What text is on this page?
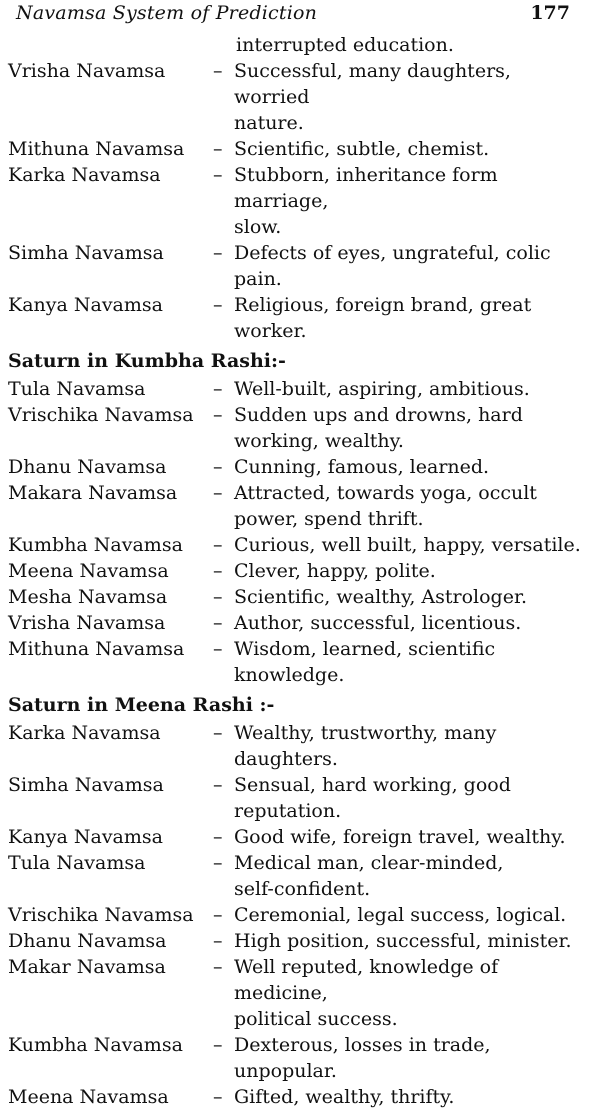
Navamsa System of Prediction	177
interrupted education.
Vrisha Navamsa	– Successful, many daughters, worried
nature.
Mithuna Navamsa	– Scientific, subtle, chemist.
Karka Navamsa	– Stubborn, inheritance form marriage,
slow.
Simha Navamsa	– Defects of eyes, ungrateful, colic
pain.
Kanya Navamsa	– Religious, foreign brand, great
worker.
Saturn in Kumbha Rashi:-
Tula Navamsa	– Well-built, aspiring, ambitious.
Vrischika Navamsa	– Sudden ups and drowns, hard
working, wealthy.
Dhanu Navamsa	– Cunning, famous, learned.
Makara Navamsa	– Attracted, towards yoga, occult
power, spend thrift.
Kumbha Navamsa	– Curious, well built, happy, versatile.
Meena Navamsa	– Clever, happy, polite.
Mesha Navamsa	– Scientific, wealthy, Astrologer.
Vrisha Navamsa	– Author, successful, licentious.
Mithuna Navamsa	– Wisdom, learned, scientific
knowledge.
Saturn in Meena Rashi :-
Karka Navamsa	– Wealthy, trustworthy, many
daughters.
Simha Navamsa	– Sensual, hard working, good
reputation.
Kanya Navamsa	– Good wife, foreign travel, wealthy.
Tula Navamsa	– Medical man, clear-minded,
self-confident.
Vrischika Navamsa	– Ceremonial, legal success, logical.
Dhanu Navamsa	– High position, successful, minister.
Makar Navamsa	– Well reputed, knowledge of medicine,
political success.
Kumbha Navamsa	– Dexterous, losses in trade, unpopular.
Meena Navamsa	– Gifted, wealthy, thrifty.
